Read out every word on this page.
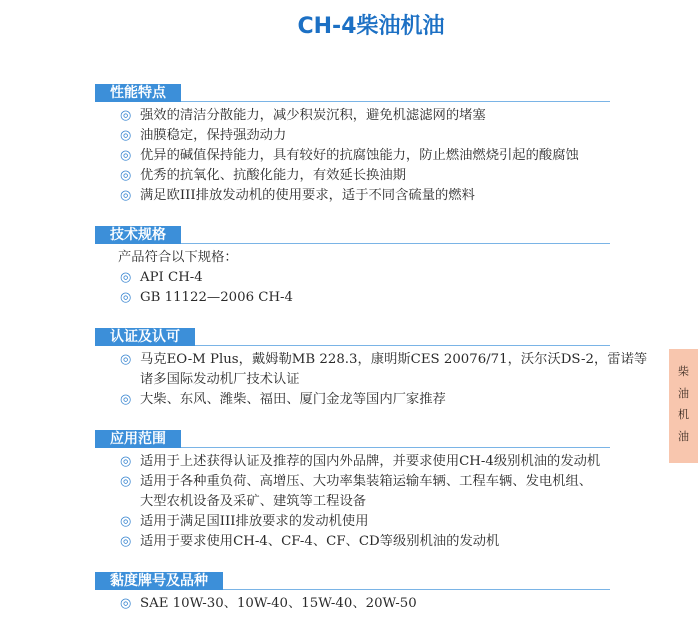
CH-4柴油机油
性能特点
◎ 强效的清洁分散能力，减少积炭沉积，避免机滤滤网的堵塞
◎ 油膜稳定，保持强劲动力
◎ 优异的碱值保持能力，具有较好的抗腐蚀能力，防止燃油燃烧引起的酸腐蚀
◎ 优秀的抗氧化、抗酸化能力，有效延长换油期
◎ 满足欧III排放发动机的使用要求，适于不同含硫量的燃料
技术规格
产品符合以下规格：
◎ API CH-4
◎ GB 11122—2006 CH-4
认证及认可
◎ 马克EO-M Plus，戴姆勒MB 228.3，康明斯CES 20076/71，沃尔沃DS-2，雷诺等
诸多国际发动机厂技术认证
◎ 大柴、东风、潍柴、福田、厦门金龙等国内厂家推荐
应用范围
◎ 适用于上述获得认证及推荐的国内外品牌，并要求使用CH-4级别机油的发动机
◎ 适用于各种重负荷、高增压、大功率集装箱运输车辆、工程车辆、发电机组、
大型农机设备及采矿、建筑等工程设备
◎ 适用于满足国III排放要求的发动机使用
◎ 适用于要求使用CH-4、CF-4、CF、CD等级别机油的发动机
黏度牌号及品种
◎ SAE 10W-30、10W-40、15W-40、20W-50
柴油机油
